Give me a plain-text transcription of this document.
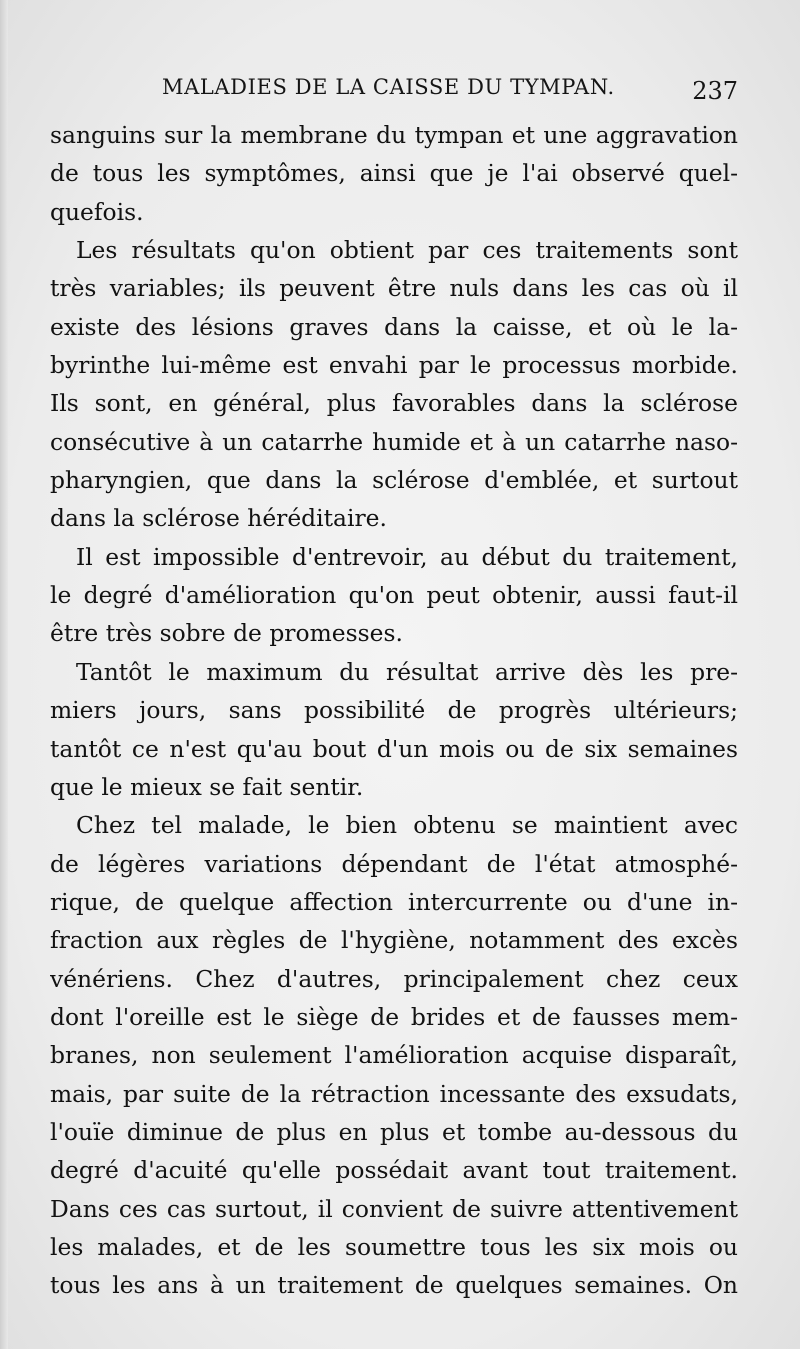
MALADIES DE LA CAISSE DU TYMPAN.	237
sanguins sur la membrane du tympan et une aggravation
de tous les symptômes, ainsi que je l'ai observé quel-
quefois.
Les résultats qu'on obtient par ces traitements sont
très variables; ils peuvent être nuls dans les cas où il
existe des lésions graves dans la caisse, et où le la-
byrinthe lui-même est envahi par le processus morbide.
Ils sont, en général, plus favorables dans la sclérose
consécutive à un catarrhe humide et à un catarrhe naso-
pharyngien, que dans la sclérose d'emblée, et surtout
dans la sclérose héréditaire.
Il est impossible d'entrevoir, au début du traitement,
le degré d'amélioration qu'on peut obtenir, aussi faut-il
être très sobre de promesses.
Tantôt le maximum du résultat arrive dès les pre-
miers jours, sans possibilité de progrès ultérieurs;
tantôt ce n'est qu'au bout d'un mois ou de six semaines
que le mieux se fait sentir.
Chez tel malade, le bien obtenu se maintient avec
de légères variations dépendant de l'état atmosphé-
rique, de quelque affection intercurrente ou d'une in-
fraction aux règles de l'hygiène, notamment des excès
vénériens. Chez d'autres, principalement chez ceux
dont l'oreille est le siège de brides et de fausses mem-
branes, non seulement l'amélioration acquise disparaît,
mais, par suite de la rétraction incessante des exsudats,
l'ouïe diminue de plus en plus et tombe au-dessous du
degré d'acuité qu'elle possédait avant tout traitement.
Dans ces cas surtout, il convient de suivre attentivement
les malades, et de les soumettre tous les six mois ou
tous les ans à un traitement de quelques semaines. On
